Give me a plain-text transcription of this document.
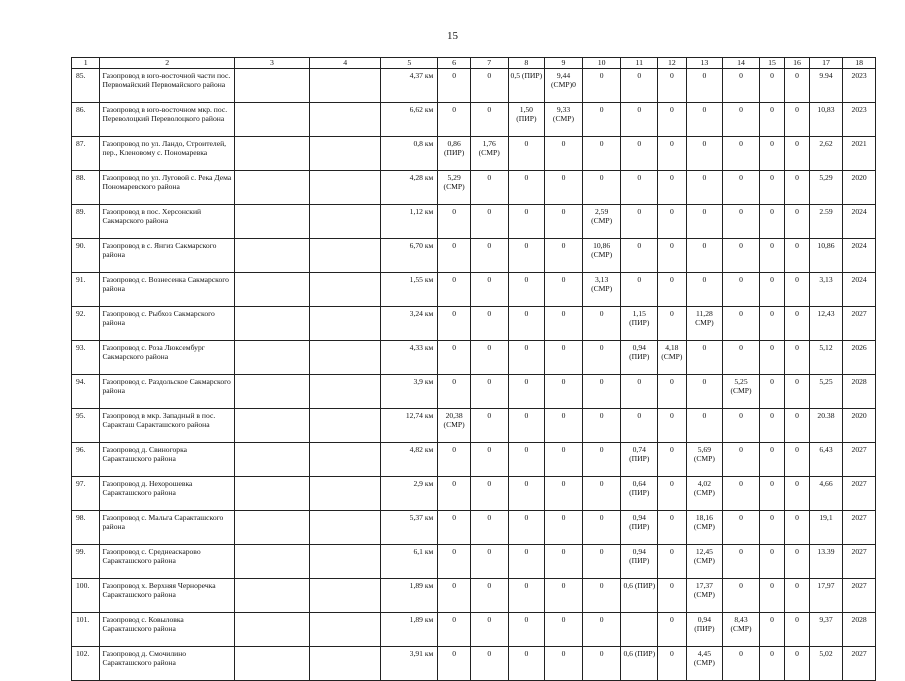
15
1	2	3	4	5	6	7	8	9	10	11	12	13	14	15	16	17	18
85.	Газопровод в юго-восточной части пос. Первомайский Первомайского района			4,37 км	0	0	0,5 (ПИР)	9,44 (СМР)0	0	0	0	0	0	0	0	9.94	2023
86.	Газопровод в юго-восточном мкр. пос. Переволоцкий Переволоцкого района			6,62 км	0	0	1,50 (ПИР)	9,33 (СМР)	0	0	0	0	0	0	0	10,83	2023
87.	Газопровод по ул. Ландо, Строителей, пер., Кленовому с. Пономаревка			0,8 км	0,86 (ПИР)	1,76 (СМР)	0	0	0	0	0	0	0	0	0	2,62	2021
88.	Газопровод по ул. Луговой с. Река Дема Пономаревского района			4,28 км	5,29 (СМР)	0	0	0	0	0	0	0	0	0	0	5,29	2020
89.	Газопровод в пос. Херсонский Сакмарского района			1,12 км	0	0	0	0	2,59 (СМР)	0	0	0	0	0	0	2.59	2024
90.	Газопровод в с. Янгиз Сакмарского района			6,70 км	0	0	0	0	10,86 (СМР)	0	0	0	0	0	0	10,86	2024
91.	Газопровод с. Вознесенка Сакмарского района			1,55 км	0	0	0	0	3,13 (СМР)	0	0	0	0	0	0	3,13	2024
92.	Газопровод с. Рыбхоз Сакмарского района			3,24 км	0	0	0	0	0	1,15 (ПИР)	0	11,28 СМР)	0	0	0	12,43	2027
93.	Газопровод с. Роза Люксембург Сакмарского района			4,33 км	0	0	0	0	0	0,94 (ПИР)	4,18 (СМР)	0	0	0	0	5,12	2026
94.	Газопровод с. Раздольское Сакмарского района			3,9 км	0	0	0	0	0	0	0	0	5,25 (СМР)	0	0	5,25	2028
95.	Газопровод в мкр. Западный в пос. Саракташ Саракташского района			12,74 км	20,38 (СМР)	0	0	0	0	0	0	0	0	0	0	20.38	2020
96.	Газопровод д. Свиногорка Саракташского района			4,82 км	0	0	0	0	0	0,74 (ПИР)	0	5,69 (СМР)	0	0	0	6,43	2027
97.	Газопровод д. Нехорошевка Саракташского района			2,9 км	0	0	0	0	0	0,64 (ПИР)	0	4,02 (СМР)	0	0	0	4,66	2027
98.	Газопровод с. Мальга Саракташского района			5,37 км	0	0	0	0	0	0,94 (ПИР)	0	18,16 (СМР)	0	0	0	19,1	2027
99.	Газопровод с. Среднеаскарово Саракташского района			6,1 км	0	0	0	0	0	0,94 (ПИР)	0	12,45 (СМР)	0	0	0	13.39	2027
100.	Газопровод х. Верхняя Черноречка Саракташского района			1,89 км	0	0	0	0	0	0,6 (ПИР)	0	17,37 (СМР)	0	0	0	17,97	2027
101.	Газопровод с. Ковыловка Саракташского района			1,89 км	0	0	0	0	0		0	0,94 (ПИР)	8,43 (СМР)	0	0	9,37	2028
102.	Газопровод д. Смочилино Саракташского района			3,91 км	0	0	0	0	0	0,6 (ПИР)	0	4,45 (СМР)	0	0	0	5,02	2027
